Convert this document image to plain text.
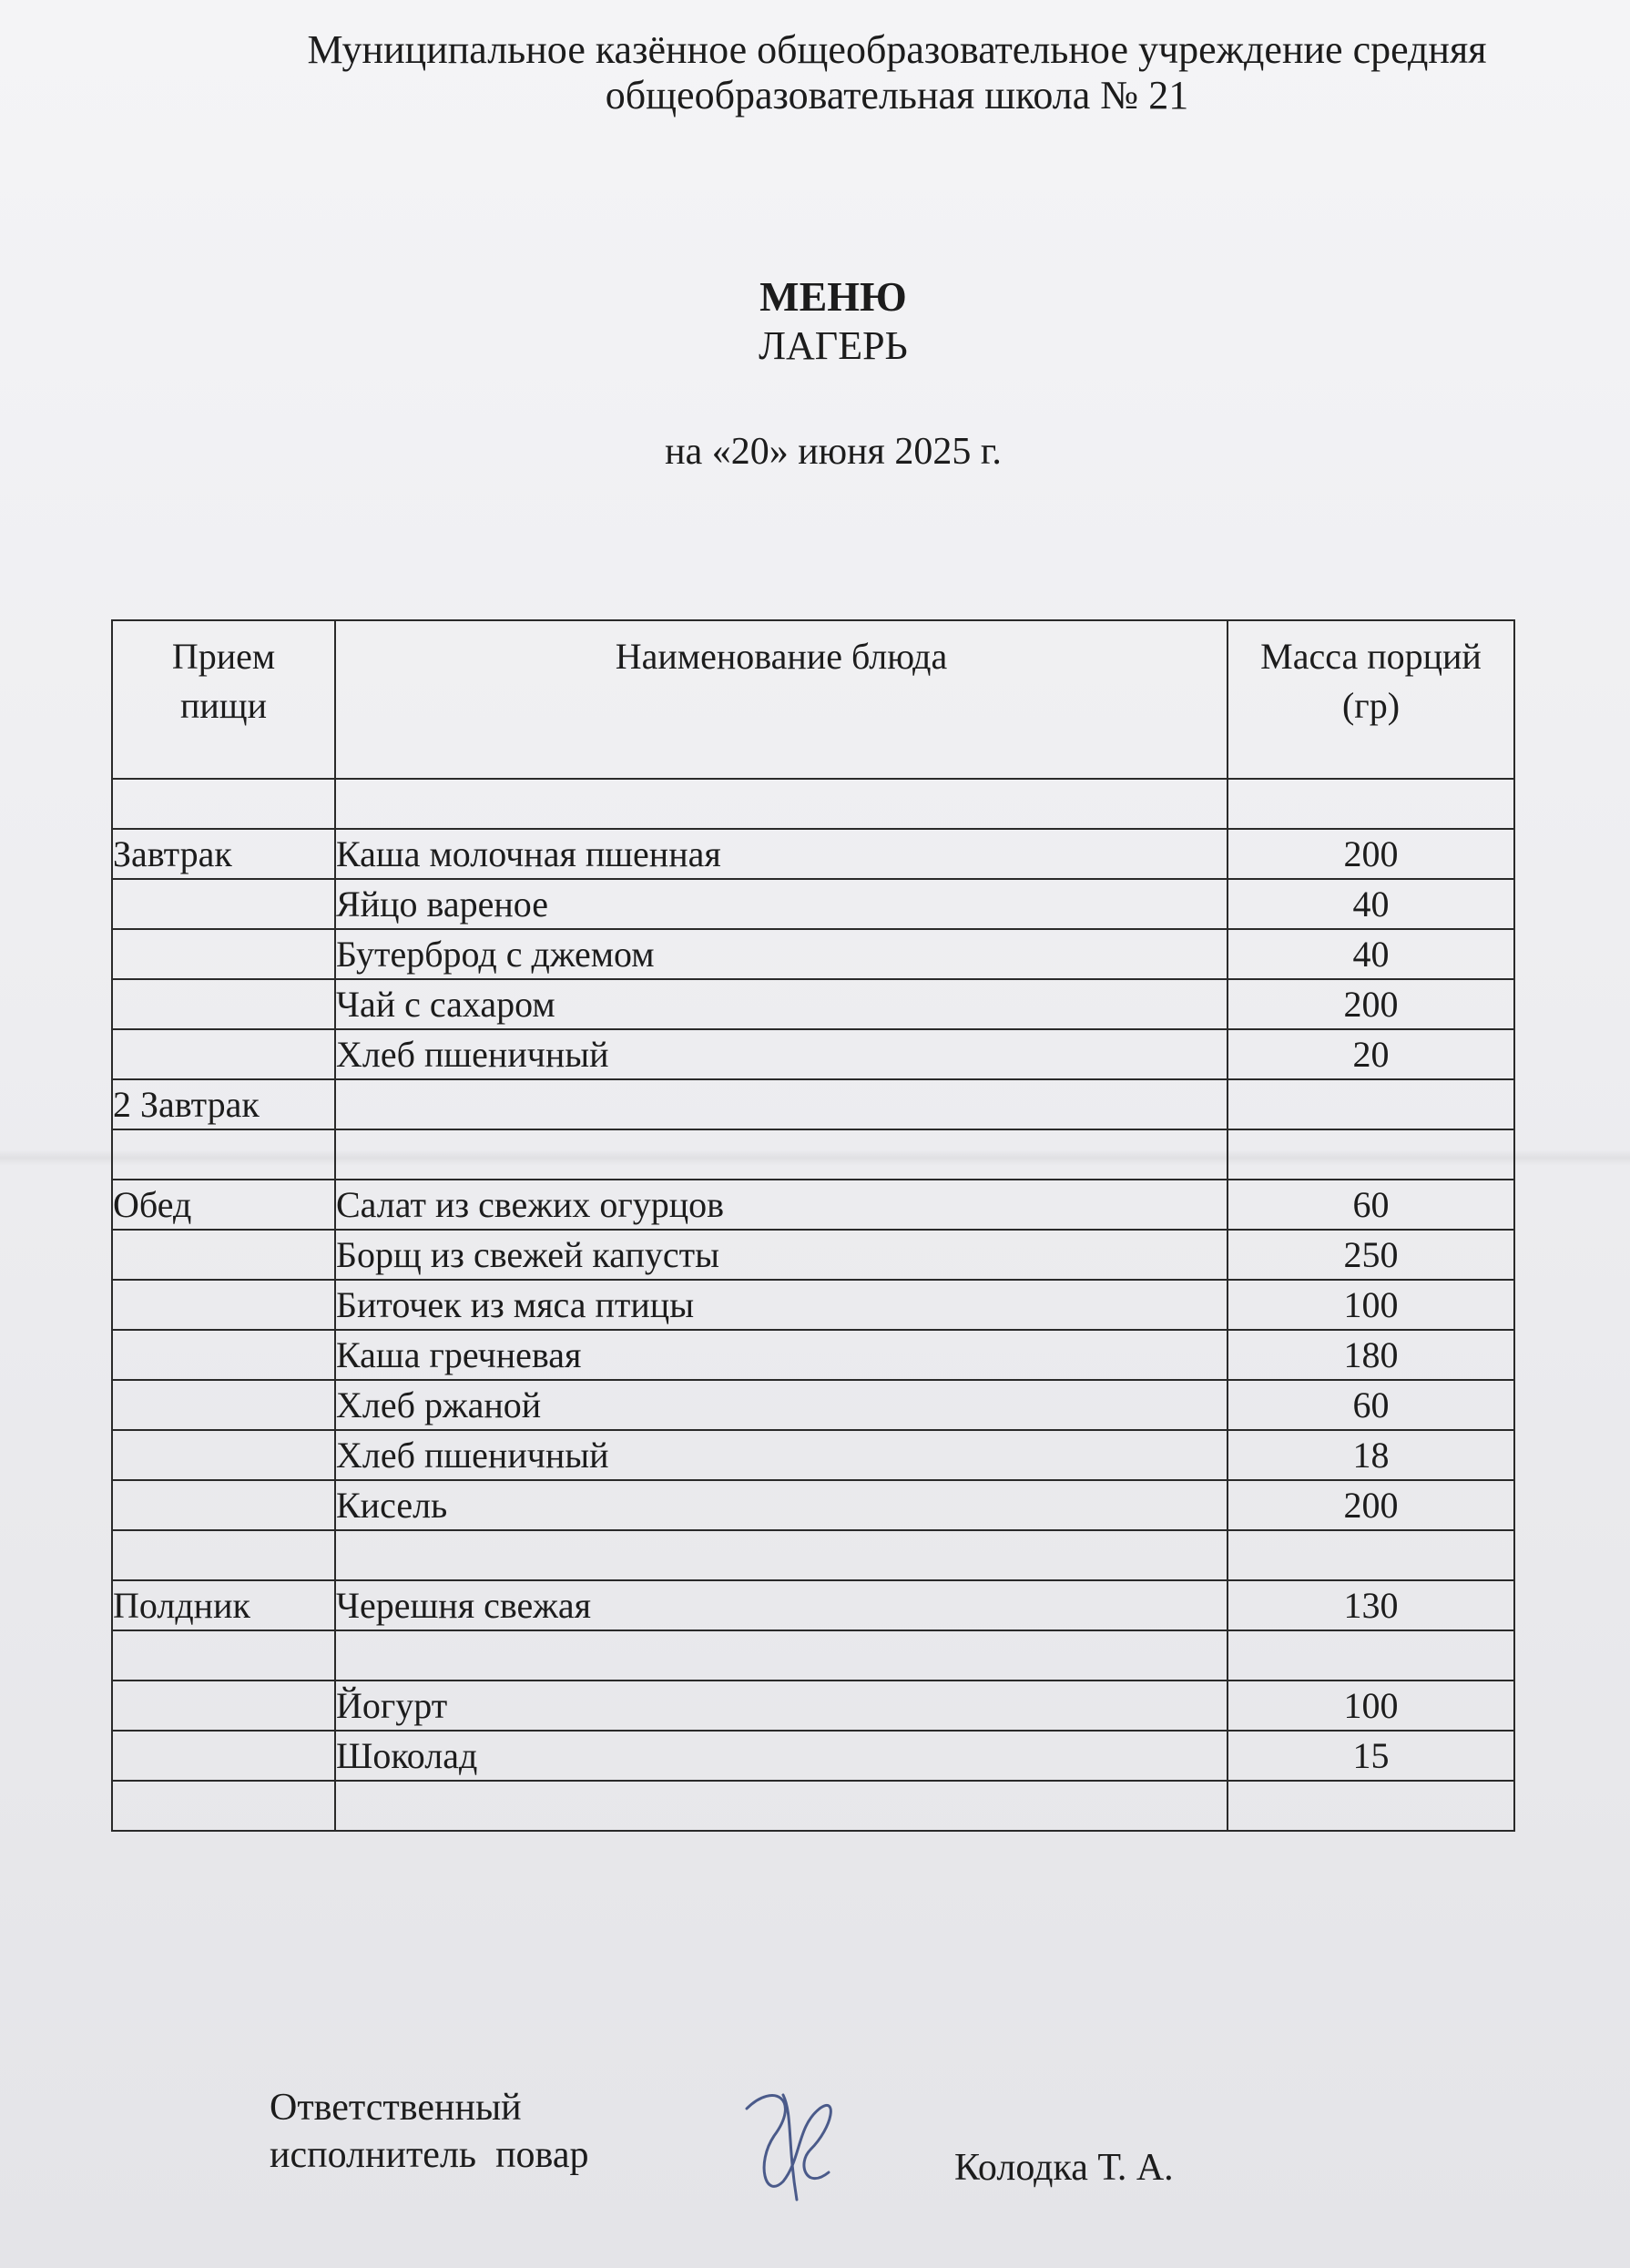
Муниципальное казённое общеобразовательное учреждение средняя
общеобразовательная школа № 21
МЕНЮ
ЛАГЕРЬ
на «20» июня 2025 г.
Прием пищи	Наименование блюда	Масса порций (гр)

Завтрак	Каша молочная пшенная	200
	Яйцо вареное	40
	Бутерброд с джемом	40
	Чай с сахаром	200
	Хлеб пшеничный	20
2 Завтрак		

Обед	Салат из свежих огурцов	60
	Борщ из свежей капусты	250
	Биточек из мяса птицы	100
	Каша гречневая	180
	Хлеб ржаной	60
	Хлеб пшеничный	18
	Кисель	200

Полдник	Черешня свежая	130

	Йогурт	100
	Шоколад	15

Ответственный
исполнитель  повар	Колодка Т. А.
